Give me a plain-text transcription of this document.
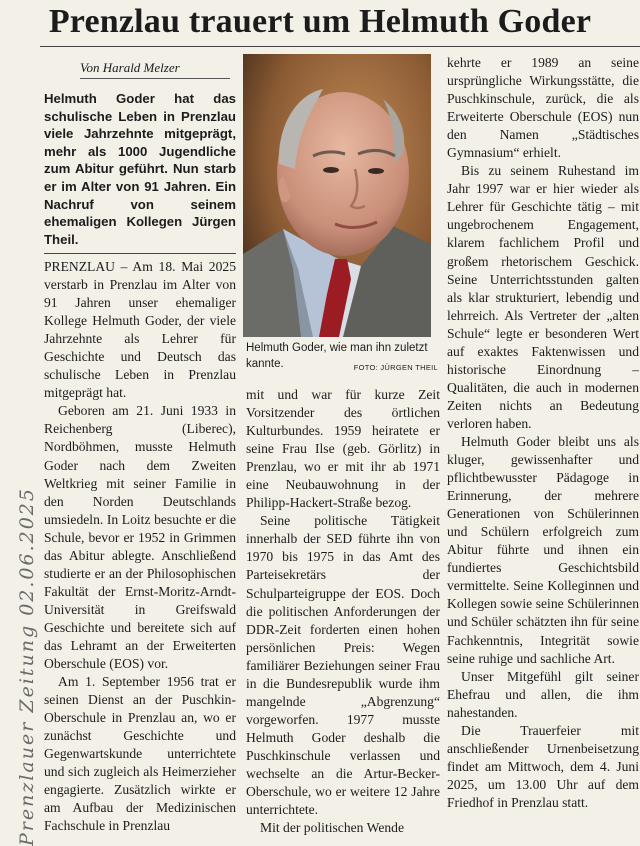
Prenzlau trauert um Helmuth Goder
Von Harald Melzer
Helmuth Goder hat das schulische Leben in Prenzlau viele Jahrzehnte mitgeprägt, mehr als 1000 Jugendliche zum Abitur geführt. Nun starb er im Alter von 91 Jahren. Ein Nachruf von seinem ehemaligen Kollegen Jürgen Theil.

PRENZLAU – Am 18. Mai 2025 verstarb in Prenzlau im Alter von 91 Jahren unser ehemaliger Kollege Helmuth Goder, der viele Jahrzehnte als Lehrer für Geschichte und Deutsch das schulische Leben in Prenzlau mitgeprägt hat.

Geboren am 21. Juni 1933 in Reichenberg (Liberec), Nordböhmen, musste Helmuth Goder nach dem Zweiten Weltkrieg mit seiner Familie in den Norden Deutschlands umsiedeln. In Loitz besuchte er die Schule, bevor er 1952 in Grimmen das Abitur ablegte. Anschließend studierte er an der Philosophischen Fakultät der Ernst-Moritz-Arndt-Universität in Greifswald Geschichte und bereitete sich auf das Lehramt an der Erweiterten Oberschule (EOS) vor.

Am 1. September 1956 trat er seinen Dienst an der Puschkin-Oberschule in Prenzlau an, wo er zunächst Geschichte und Gegenwartskunde unterrichtete und sich zugleich als Heimerzieher engagierte. Zusätzlich wirkte er am Aufbau der Medizinischen Fachschule in Prenzlau

Helmuth Goder, wie man ihn zuletzt kannte.	FOTO: JÜRGEN THEIL

mit und war für kurze Zeit Vorsitzender des örtlichen Kulturbundes. 1959 heiratete er seine Frau Ilse (geb. Görlitz) in Prenzlau, wo er mit ihr ab 1971 eine Neubauwohnung in der Philipp-Hackert-Straße bezog.

Seine politische Tätigkeit innerhalb der SED führte ihn von 1970 bis 1975 in das Amt des Parteisekretärs der Schulparteigruppe der EOS. Doch die politischen Anforderungen der DDR-Zeit forderten einen hohen persönlichen Preis: Wegen familiärer Beziehungen seiner Frau in die Bundesrepublik wurde ihm mangelnde „Abgrenzung“ vorgeworfen. 1977 musste Helmuth Goder deshalb die Puschkinschule verlassen und wechselte an die Artur-Becker-Oberschule, wo er weitere 12 Jahre unterrichtete.

Mit der politischen Wende

kehrte er 1989 an seine ursprüngliche Wirkungsstätte, die Puschkinschule, zurück, die als Erweiterte Oberschule (EOS) nun den Namen „Städtisches Gymnasium“ erhielt.

Bis zu seinem Ruhestand im Jahr 1997 war er hier wieder als Lehrer für Geschichte tätig – mit ungebrochenem Engagement, klarem fachlichem Profil und großem rhetorischem Geschick. Seine Unterrichtsstunden galten als klar strukturiert, lebendig und lehrreich. Als Vertreter der „alten Schule“ legte er besonderen Wert auf exaktes Faktenwissen und historische Einordnung – Qualitäten, die auch in modernen Zeiten nichts an Bedeutung verloren haben.

Helmuth Goder bleibt uns als kluger, gewissenhafter und pflichtbewusster Pädagoge in Erinnerung, der mehrere Generationen von Schülerinnen und Schülern erfolgreich zum Abitur führte und ihnen ein fundiertes Geschichtsbild vermittelte. Seine Kolleginnen und Kollegen sowie seine Schülerinnen und Schüler schätzten ihn für seine Fachkenntnis, Integrität sowie seine ruhige und sachliche Art.

Unser Mitgefühl gilt seiner Ehefrau und allen, die ihm nahestanden.

Die Trauerfeier mit anschließender Urnenbeisetzung findet am Mittwoch, dem 4. Juni 2025, um 13.00 Uhr auf dem Friedhof in Prenzlau statt.

Prenzlauer Zeitung 02.06.2025
